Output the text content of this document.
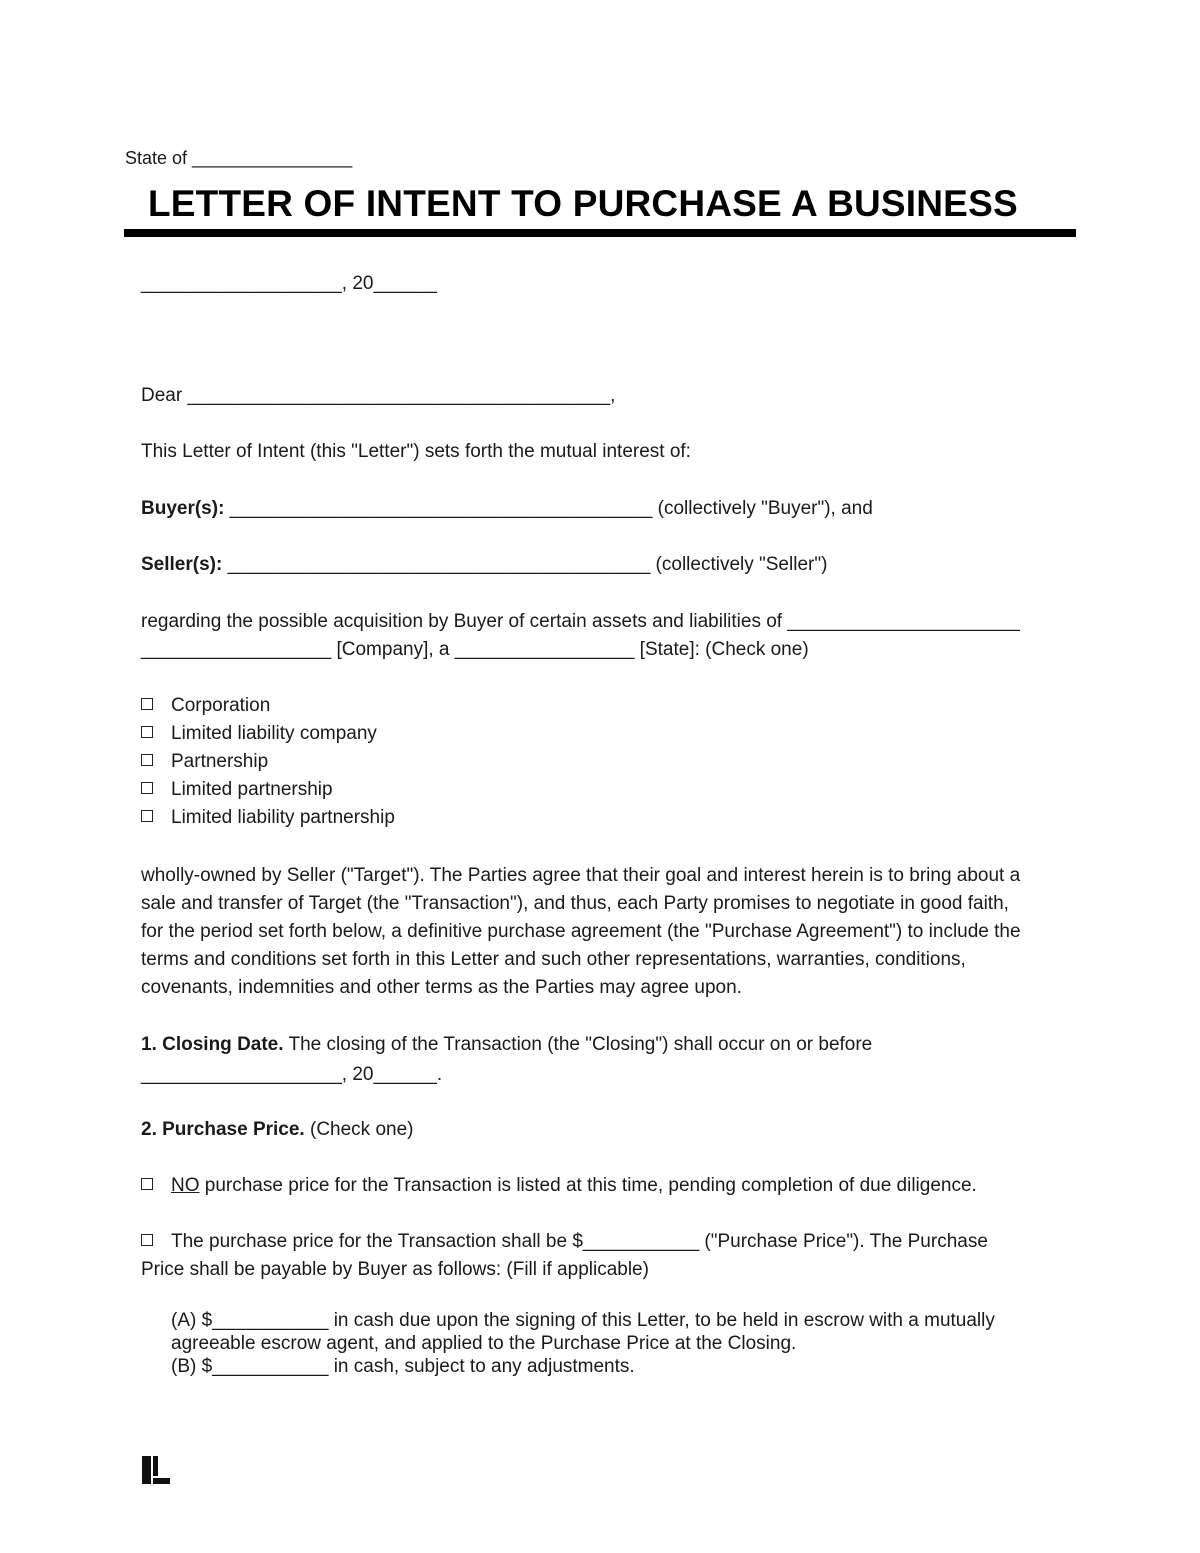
State of ________________
LETTER OF INTENT TO PURCHASE A BUSINESS
___________________, 20______
Dear ________________________________________,
This Letter of Intent (this "Letter") sets forth the mutual interest of:
Buyer(s): ________________________________________ (collectively "Buyer"), and
Seller(s): ________________________________________ (collectively "Seller")
regarding the possible acquisition by Buyer of certain assets and liabilities of ______________________
__________________ [Company], a _________________ [State]: (Check one)
Corporation
Limited liability company
Partnership
Limited partnership
Limited liability partnership
wholly-owned by Seller ("Target"). The Parties agree that their goal and interest herein is to bring about a
sale and transfer of Target (the "Transaction"), and thus, each Party promises to negotiate in good faith,
for the period set forth below, a definitive purchase agreement (the "Purchase Agreement") to include the
terms and conditions set forth in this Letter and such other representations, warranties, conditions,
covenants, indemnities and other terms as the Parties may agree upon.
1. Closing Date. The closing of the Transaction (the "Closing") shall occur on or before
___________________, 20______.
2. Purchase Price. (Check one)
NO purchase price for the Transaction is listed at this time, pending completion of due diligence.
The purchase price for the Transaction shall be $___________ ("Purchase Price"). The Purchase
Price shall be payable by Buyer as follows: (Fill if applicable)
(A) $___________ in cash due upon the signing of this Letter, to be held in escrow with a mutually
agreeable escrow agent, and applied to the Purchase Price at the Closing.
(B) $___________ in cash, subject to any adjustments.
